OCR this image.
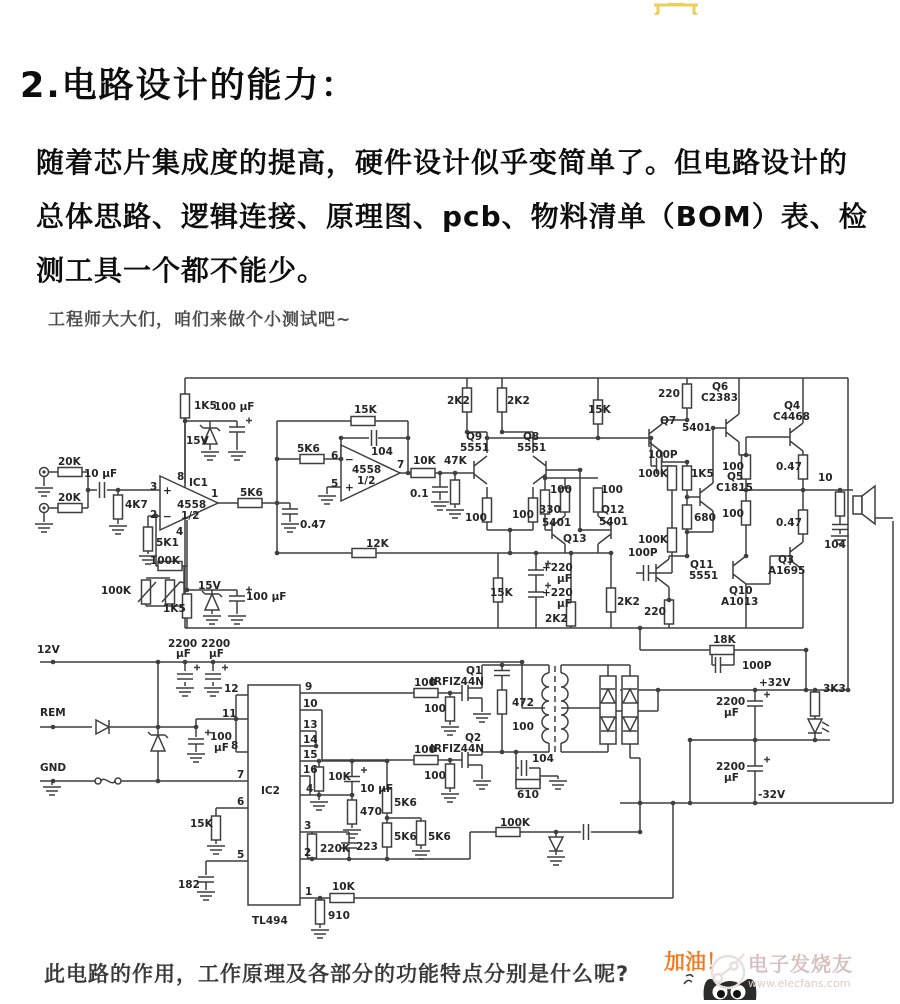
2.电路设计的能力：
随着芯片集成度的提高，硬件设计似乎变简单了。但电路设计的总体思路、逻辑连接、原理图、pcb、物料清单（BOM）表、检测工具一个都不能少。
工程师大大们，咱们来做个小测试吧~
20K
20K
10 µF
4K7
1K5
100 µF
15V
8 IC1
3
2
+
−
4558
1/2
1
4
5K1
100K
100K
1K5
15V
100 µF
5K6
15K
104
5K6
0.47
6
5
−
+
4558
1/2
7 10K 47K
0.1
12K
2K2	2K2
Q9
5551
Q8
5551
100 100 330
100	100
5401
Q13
Q12
5401
15K
+220
µF
+220
µF
2K2
2K2
15K
220
Q7
5401
100P
100K 1K5 Q5
C1815
680
100K
100P
Q11
5551
Q6
C2383
Q4
C4468
100	0.47
10
100
0.47
104
Q10
A1013
Q3
A1695
220
18K
100P
+32V
2200
µF
3K3
2200
µF
-32V
12V	2200
µF
2200
µF
REM
100
µF
GND
12
11
8
7
6
5
IC2
TL494
15K
182
9
10
13
14
15
16
4
3
2
1
10K
10 µF
470
220K 223
5K6
5K6 5K6
10K
910
Q1
IRFIZ44N
100
100	472
100
Q2
IRFIZ44N
100
100
104
610
100K
此电路的作用，工作原理及各部分的功能特点分别是什么呢? 加油！ 电子发烧友
www.elecfans.com
